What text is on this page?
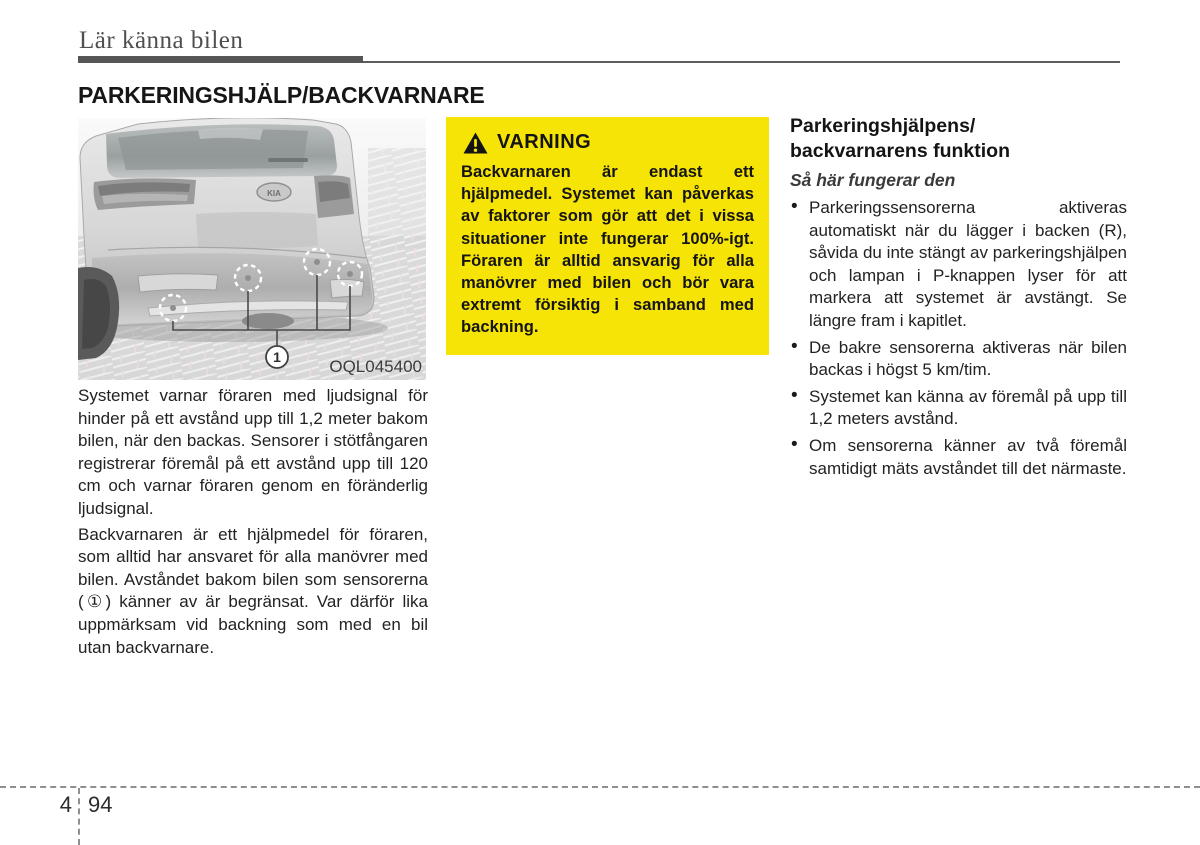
Lär känna bilen
PARKERINGSHJÄLP/BACKVARNARE
KIA
1	OQL045400

Systemet varnar föraren med ljudsignal för hinder på ett avstånd upp till 1,2 meter bakom bilen, när den backas. Sensorer i stötfångaren registrerar föremål på ett avstånd upp till 120 cm och varnar föraren genom en föränderlig ljudsignal.

Backvarnaren är ett hjälpmedel för föraren, som alltid har ansvaret för alla manövrer med bilen. Avståndet bakom bilen som sensorerna (①) känner av är begränsat. Var därför lika uppmärksam vid backning som med en bil utan backvarnare.

VARNING
Backvarnaren är endast ett hjälpmedel. Systemet kan påverkas av faktorer som gör att det i vissa situationer inte fungerar 100%-igt. Föraren är alltid ansvarig för alla manövrer med bilen och bör vara extremt försiktig i samband med backning.
Parkeringshjälpens/
backvarnarens funktion
Så här fungerar den
• Parkeringssensorerna aktiveras automatiskt när du lägger i backen (R), såvida du inte stängt av parkeringshjälpen och lampan i P-knappen lyser för att markera att systemet är avstängt. Se längre fram i kapitlet.
• De bakre sensorerna aktiveras när bilen backas i högst 5 km/tim.
• Systemet kan känna av föremål på upp till 1,2 meters avstånd.
• Om sensorerna känner av två föremål samtidigt mäts avståndet till det närmaste.
4 94
